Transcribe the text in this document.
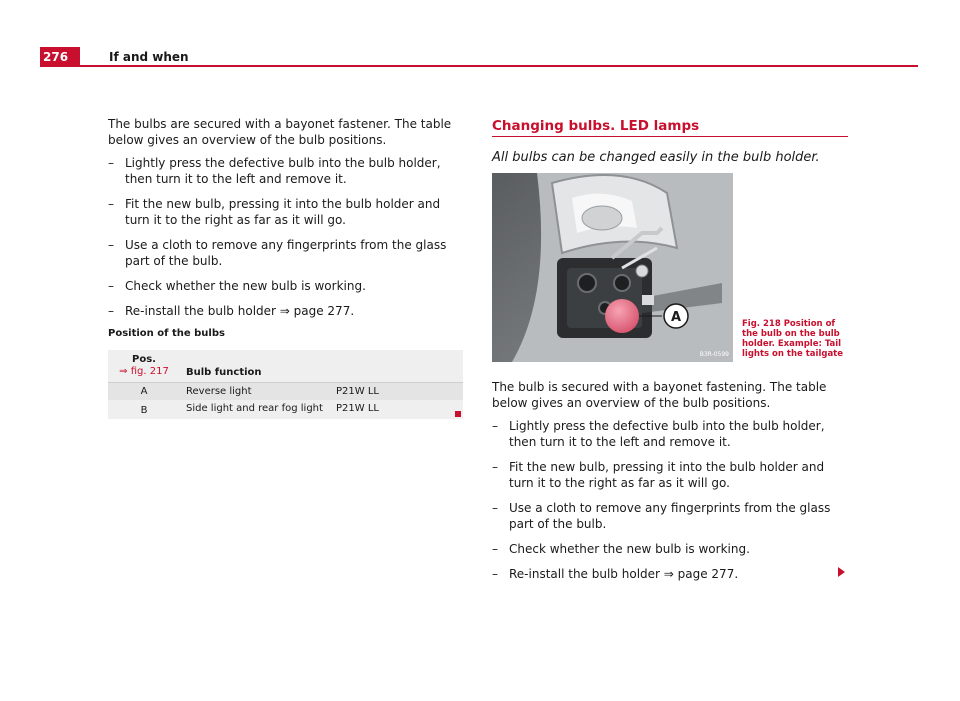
276	If and when

The bulbs are secured with a bayonet fastener. The table below gives an overview of the bulb positions.

– Lightly press the defective bulb into the bulb holder, then turn it to the left and remove it.
– Fit the new bulb, pressing it into the bulb holder and turn it to the right as far as it will go.
– Use a cloth to remove any fingerprints from the glass part of the bulb.
– Check whether the new bulb is working.
– Re-install the bulb holder ⇒ page 277.
Position of the bulbs
Pos.
⇒ fig. 217	Bulb function	
A	Reverse light	P21W LL
B	Side light and rear fog light	P21W LL
Changing bulbs. LED lamps
All bulbs can be changed easily in the bulb holder.
A
B3R-0599
Fig. 218 Position of the bulb on the bulb holder. Example: Tail lights on the tailgate

The bulb is secured with a bayonet fastening. The table below gives an overview of the bulb positions.

– Lightly press the defective bulb into the bulb holder, then turn it to the left and remove it.
– Fit the new bulb, pressing it into the bulb holder and turn it to the right as far as it will go.
– Use a cloth to remove any fingerprints from the glass part of the bulb.
– Check whether the new bulb is working.
– Re-install the bulb holder ⇒ page 277.
